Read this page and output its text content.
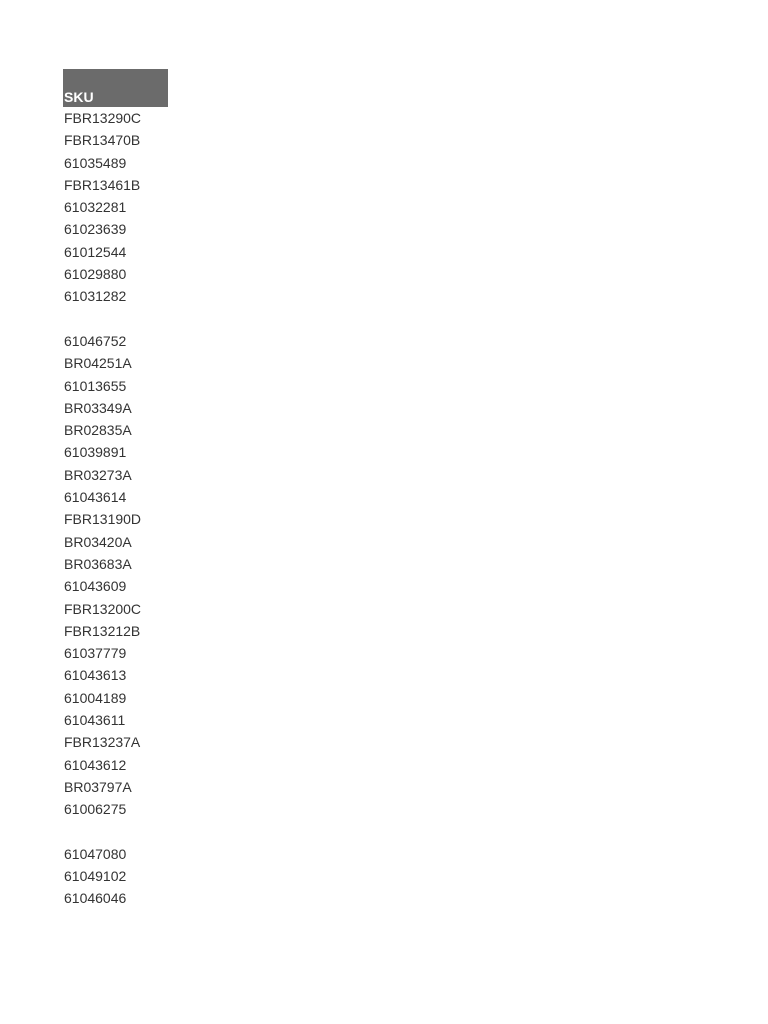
SKU
FBR13290C
FBR13470B
61035489
FBR13461B
61032281
61023639
61012544
61029880
61031282
61046752
BR04251A
61013655
BR03349A
BR02835A
61039891
BR03273A
61043614
FBR13190D
BR03420A
BR03683A
61043609
FBR13200C
FBR13212B
61037779
61043613
61004189
61043611
FBR13237A
61043612
BR03797A
61006275
61047080
61049102
61046046
